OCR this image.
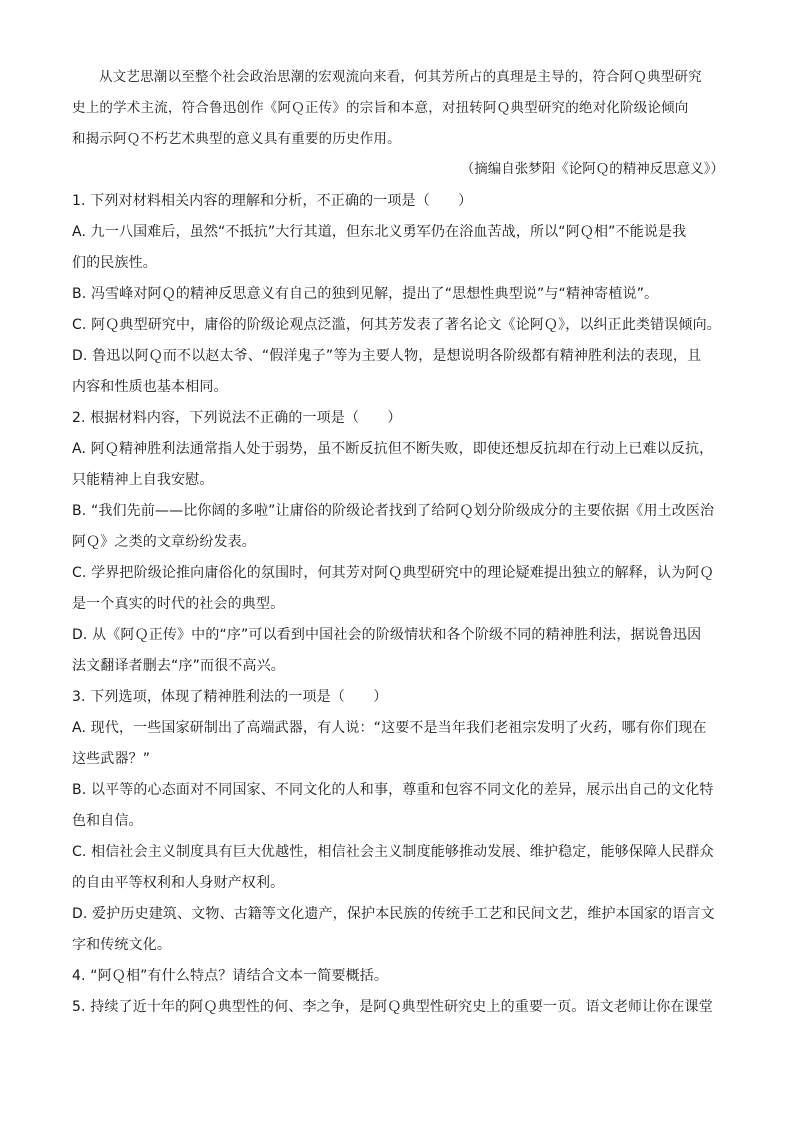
从文艺思潮以至整个社会政治思潮的宏观流向来看，何其芳所占的真理是主导的，符合阿Ｑ典型研究
史上的学术主流，符合鲁迅创作《阿Ｑ正传》的宗旨和本意，对扭转阿Ｑ典型研究的绝对化阶级论倾向
和揭示阿Ｑ不朽艺术典型的意义具有重要的历史作用。

（摘编自张梦阳《论阿Ｑ的精神反思意义》）
1. 下列对材料相关内容的理解和分析，不正确的一项是（　　）
A. 九一八国难后，虽然“不抵抗”大行其道，但东北义勇军仍在浴血苦战，所以“阿Ｑ相”不能说是我
们的民族性。
B. 冯雪峰对阿Ｑ的精神反思意义有自己的独到见解，提出了“思想性典型说”与“精神寄植说”。
C. 阿Ｑ典型研究中，庸俗的阶级论观点泛滥，何其芳发表了著名论文《论阿Ｑ》，以纠正此类错误倾向。
D. 鲁迅以阿Ｑ而不以赵太爷、“假洋鬼子”等为主要人物，是想说明各阶级都有精神胜利法的表现，且
内容和性质也基本相同。
2. 根据材料内容，下列说法不正确的一项是（　　）
A. 阿Ｑ精神胜利法通常指人处于弱势，虽不断反抗但不断失败，即使还想反抗却在行动上已难以反抗，
只能精神上自我安慰。
B. “我们先前——比你阔的多啦”让庸俗的阶级论者找到了给阿Ｑ划分阶级成分的主要依据《用土改医治
阿Ｑ》之类的文章纷纷发表。
C. 学界把阶级论推向庸俗化的氛围时，何其芳对阿Ｑ典型研究中的理论疑难提出独立的解释，认为阿Ｑ
是一个真实的时代的社会的典型。
D. 从《阿Ｑ正传》中的“序”可以看到中国社会的阶级情状和各个阶级不同的精神胜利法，据说鲁迅因
法文翻译者删去“序”而很不高兴。
3. 下列选项，体现了精神胜利法的一项是（　　）
A. 现代，一些国家研制出了高端武器，有人说：“这要不是当年我们老祖宗发明了火药，哪有你们现在
这些武器？”
B. 以平等的心态面对不同国家、不同文化的人和事，尊重和包容不同文化的差异，展示出自己的文化特
色和自信。
C. 相信社会主义制度具有巨大优越性，相信社会主义制度能够推动发展、维护稳定，能够保障人民群众
的自由平等权利和人身财产权利。
D. 爱护历史建筑、文物、古籍等文化遗产，保护本民族的传统手工艺和民间文艺，维护本国家的语言文
字和传统文化。
4. “阿Ｑ相”有什么特点？请结合文本一简要概括。
5. 持续了近十年的阿Ｑ典型性的何、李之争，是阿Ｑ典型性研究史上的重要一页。语文老师让你在课堂
